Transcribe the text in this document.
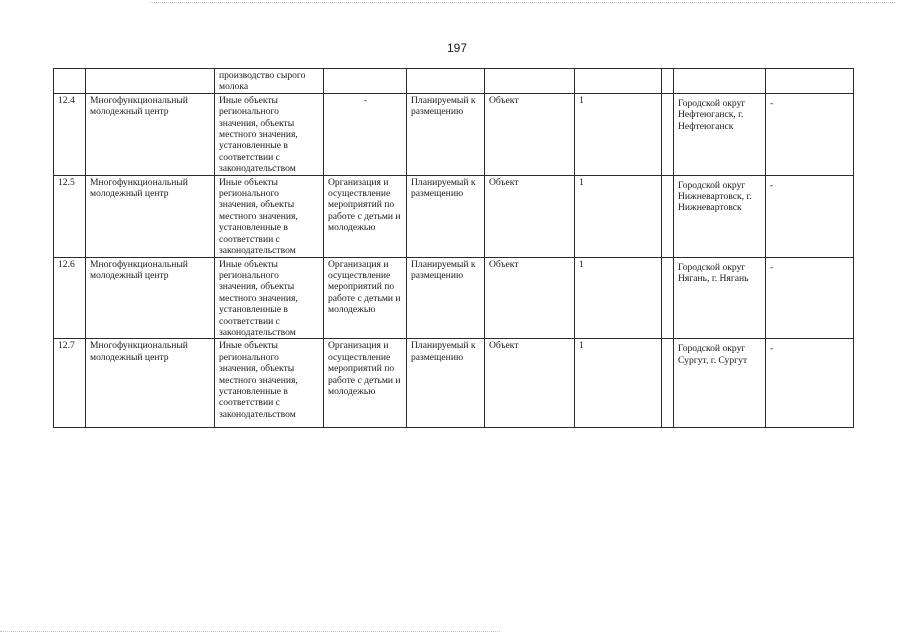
197
		производство сырого молока							
12.4	Многофункциональный молодежный центр	Иные объекты регионального значения, объекты местного значения, установленные в соответствии с законодательством	-	Планируемый к размещению	Объект	1		Городской округ Нефтеюганск, г. Нефтеюганск	-
12.5	Многофункциональный молодежный центр	Иные объекты регионального значения, объекты местного значения, установленные в соответствии с законодательством	Организация и осуществление мероприятий по работе с детьми и молодежью	Планируемый к размещению	Объект	1		Городской округ Нижневартовск, г. Нижневартовск	-
12.6	Многофункциональный молодежный центр	Иные объекты регионального значения, объекты местного значения, установленные в соответствии с законодательством	Организация и осуществление мероприятий по работе с детьми и молодежью	Планируемый к размещению	Объект	1		Городской округ Нягань, г. Нягань	-
12.7	Многофункциональный молодежный центр	Иные объекты регионального значения, объекты местного значения, установленные в соответствии с законодательством	Организация и осуществление мероприятий по работе с детьми и молодежью	Планируемый к размещению	Объект	1		Городской округ Сургут, г. Сургут	-
